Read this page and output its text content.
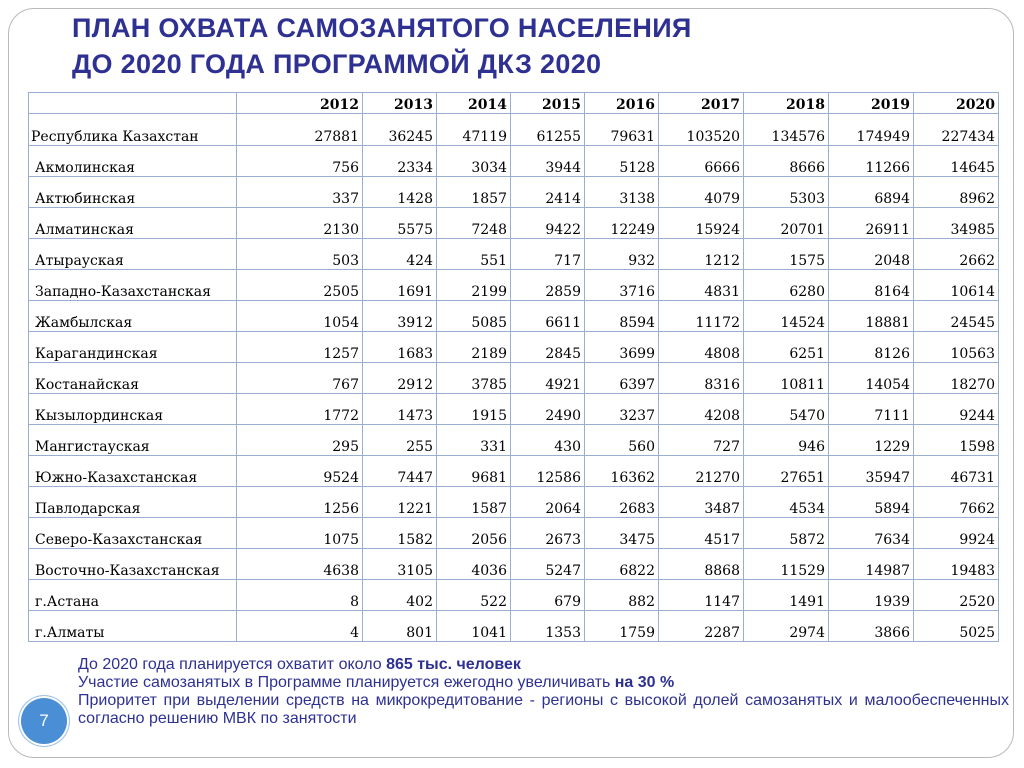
ПЛАН ОХВАТА САМОЗАНЯТОГО НАСЕЛЕНИЯ
ДО 2020 ГОДА ПРОГРАММОЙ ДКЗ 2020
	2012	2013	2014	2015	2016	2017	2018	2019	2020
Республика Казахстан	27881	36245	47119	61255	79631	103520	134576	174949	227434
Акмолинская	756	2334	3034	3944	5128	6666	8666	11266	14645
Актюбинская	337	1428	1857	2414	3138	4079	5303	6894	8962
Алматинская	2130	5575	7248	9422	12249	15924	20701	26911	34985
Атырауская	503	424	551	717	932	1212	1575	2048	2662
Западно-Казахстанская	2505	1691	2199	2859	3716	4831	6280	8164	10614
Жамбылская	1054	3912	5085	6611	8594	11172	14524	18881	24545
Карагандинская	1257	1683	2189	2845	3699	4808	6251	8126	10563
Костанайская	767	2912	3785	4921	6397	8316	10811	14054	18270
Кызылординская	1772	1473	1915	2490	3237	4208	5470	7111	9244
Мангистауская	295	255	331	430	560	727	946	1229	1598
Южно-Казахстанская	9524	7447	9681	12586	16362	21270	27651	35947	46731
Павлодарская	1256	1221	1587	2064	2683	3487	4534	5894	7662
Северо-Казахстанская	1075	1582	2056	2673	3475	4517	5872	7634	9924
Восточно-Казахстанская	4638	3105	4036	5247	6822	8868	11529	14987	19483
г.Астана	8	402	522	679	882	1147	1491	1939	2520
г.Алматы	4	801	1041	1353	1759	2287	2974	3866	5025

До 2020 года планируется охватит около 865 тыс. человек

Участие самозанятых в Программе планируется ежегодно увеличивать на 30 %

Приоритет при выделении средств на микрокредитование - регионы с высокой долей самозанятых и малообеспеченных согласно решению МВК по занятости

7
